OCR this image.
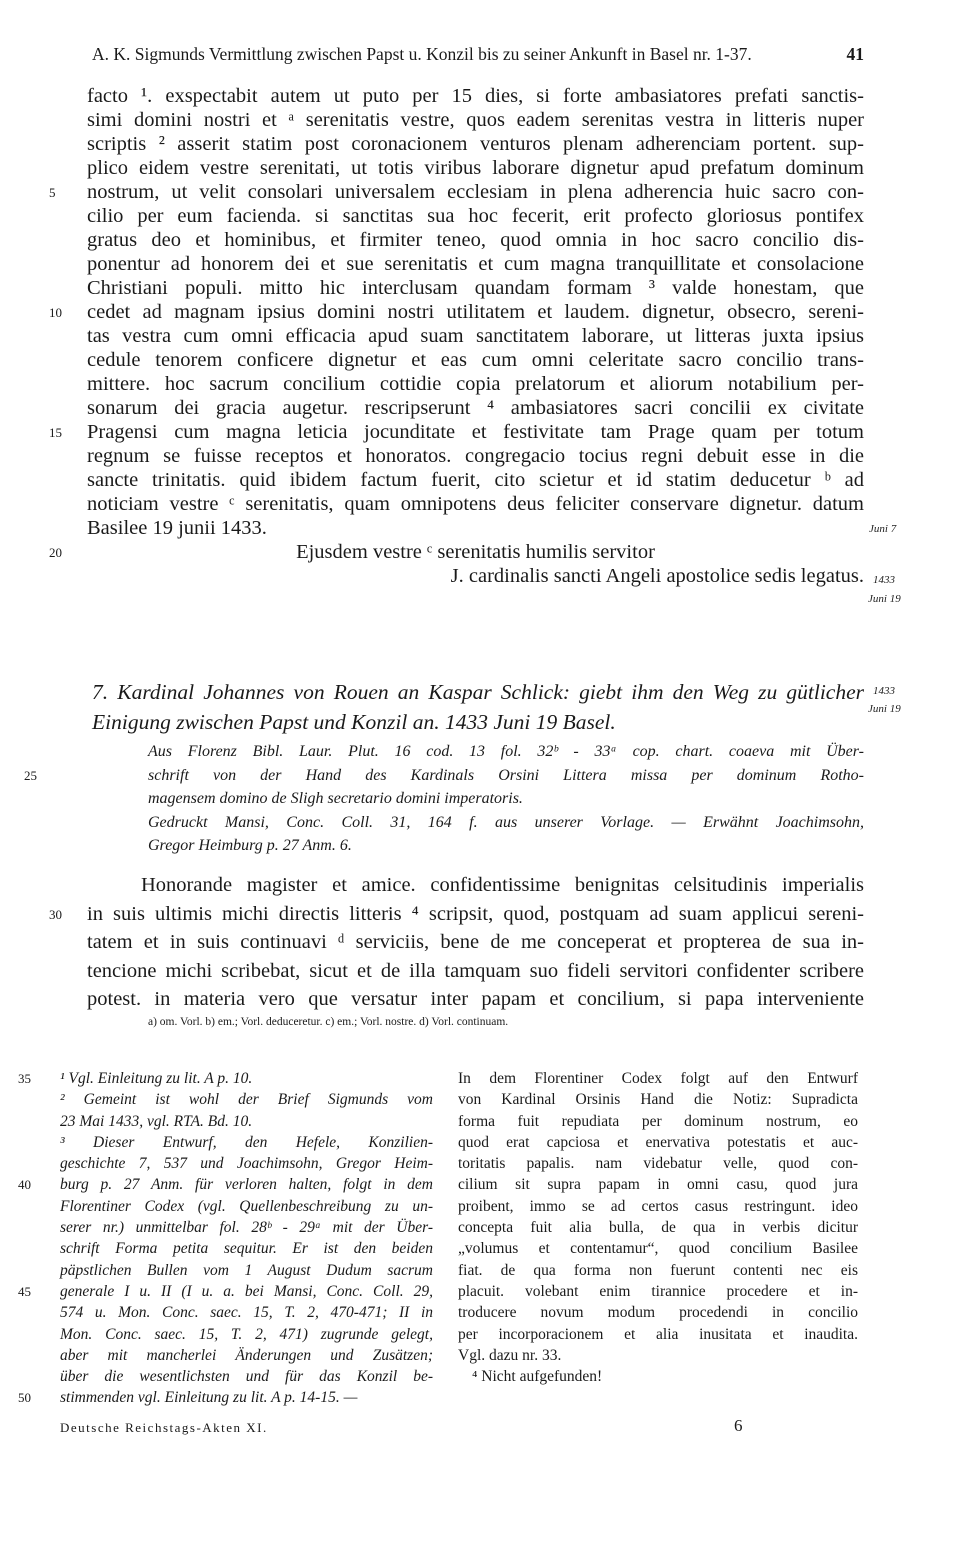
A. K. Sigmunds Vermittlung zwischen Papst u. Konzil bis zu seiner Ankunft in Basel nr. 1-37.	41
facto ¹. exspectabit autem ut puto per 15 dies, si forte ambasiatores prefati sanctis-
simi domini nostri et ᵃ serenitatis vestre, quos eadem serenitas vestra in litteris nuper
scriptis ² asserit statim post coronacionem venturos plenam adherenciam portent. sup-
plico eidem vestre serenitati, ut totis viribus laborare dignetur apud prefatum dominum
5	nostrum, ut velit consolari universalem ecclesiam in plena adherencia huic sacro con-
cilio per eum facienda. si sanctitas sua hoc fecerit, erit profecto gloriosus pontifex
gratus deo et hominibus, et firmiter teneo, quod omnia in hoc sacro concilio dis-
ponentur ad honorem dei et sue serenitatis et cum magna tranquillitate et consolacione
Christiani populi. mitto hic interclusam quandam formam ³ valde honestam, que
10	cedet ad magnam ipsius domini nostri utilitatem et laudem. dignetur, obsecro, sereni-
tas vestra cum omni efficacia apud suam sanctitatem laborare, ut litteras juxta ipsius
cedule tenorem conficere dignetur et eas cum omni celeritate sacro concilio trans-
mittere. hoc sacrum concilium cottidie copia prelatorum et aliorum notabilium per-
sonarum dei gracia augetur. rescripserunt ⁴ ambasiatores sacri concilii ex civitate
15	Pragensi cum magna leticia jocunditate et festivitate tam Prage quam per totum
regnum se fuisse receptos et honoratos. congregacio tocius regni debuit esse in die
sancte trinitatis. quid ibidem factum fuerit, cito scietur et id statim deducetur ᵇ ad
noticiam vestre ᶜ serenitatis, quam omnipotens deus feliciter conservare dignetur. datum
Basilee 19 junii 1433.
20	Ejusdem vestre ᶜ serenitatis humilis servitor
J. cardinalis sancti Angeli apostolice sedis legatus.
Juni 7
1433
Juni 19
1433
Juni 19
7. Kardinal Johannes von Rouen an Kaspar Schlick: giebt ihm den Weg zu gütlicher
Einigung zwischen Papst und Konzil an. 1433 Juni 19 Basel.
Aus Florenz Bibl. Laur. Plut. 16 cod. 13 fol. 32ᵇ - 33ᵃ cop. chart. coaeva mit Über-
25	schrift von der Hand des Kardinals Orsini Littera missa per dominum Rotho-
magensem domino de Sligh secretario domini imperatoris.
Gedruckt Mansi, Conc. Coll. 31, 164 f. aus unserer Vorlage. — Erwähnt Joachimsohn,
Gregor Heimburg p. 27 Anm. 6.
Honorande magister et amice. confidentissime benignitas celsitudinis imperialis
30	in suis ultimis michi directis litteris ⁴ scripsit, quod, postquam ad suam applicui sereni-
tatem et in suis continuavi ᵈ serviciis, bene de me conceperat et propterea de sua in-
tencione michi scribebat, sicut et de illa tamquam suo fideli servitori confidenter scribere
potest. in materia vero que versatur inter papam et concilium, si papa interveniente
a) om. Vorl. b) em.; Vorl. deduceretur. c) em.; Vorl. nostre. d) Vorl. continuam.
35 ¹ Vgl. Einleitung zu lit. A p. 10.
² Gemeint ist wohl der Brief Sigmunds vom
23 Mai 1433, vgl. RTA. Bd. 10.
³ Dieser Entwurf, den Hefele, Konzilien-
geschichte 7, 537 und Joachimsohn, Gregor Heim-
40 burg p. 27 Anm. für verloren halten, folgt in dem
Florentiner Codex (vgl. Quellenbeschreibung zu un-
serer nr.) unmittelbar fol. 28ᵇ - 29ᵃ mit der Über-
schrift Forma petita sequitur. Er ist den beiden
päpstlichen Bullen vom 1 August Dudum sacrum
45 generale I u. II (I u. a. bei Mansi, Conc. Coll. 29,
574 u. Mon. Conc. saec. 15, T. 2, 470-471; II in
Mon. Conc. saec. 15, T. 2, 471) zugrunde gelegt,
aber mit mancherlei Änderungen und Zusätzen;
über die wesentlichsten und für das Konzil be-
50 stimmenden vgl. Einleitung zu lit. A p. 14-15. —
In dem Florentiner Codex folgt auf den Entwurf
von Kardinal Orsinis Hand die Notiz: Supradicta
forma fuit repudiata per dominum nostrum, eo
quod erat capciosa et enervativa potestatis et auc-
toritatis papalis. nam videbatur velle, quod con-
cilium sit supra papam in omni casu, quod jura
proibent, immo se ad certos casus restringunt. ideo
concepta fuit alia bulla, de qua in verbis dicitur
„volumus et contentamur“, quod concilium Basilee
fiat. de qua forma non fuerunt contenti nec eis
placuit. volebant enim tirannice procedere et in-
troducere novum modum procedendi in concilio
per incorporacionem et alia inusitata et inaudita.
Vgl. dazu nr. 33.
⁴ Nicht aufgefunden!
Deutsche Reichstags-Akten XI.	6
